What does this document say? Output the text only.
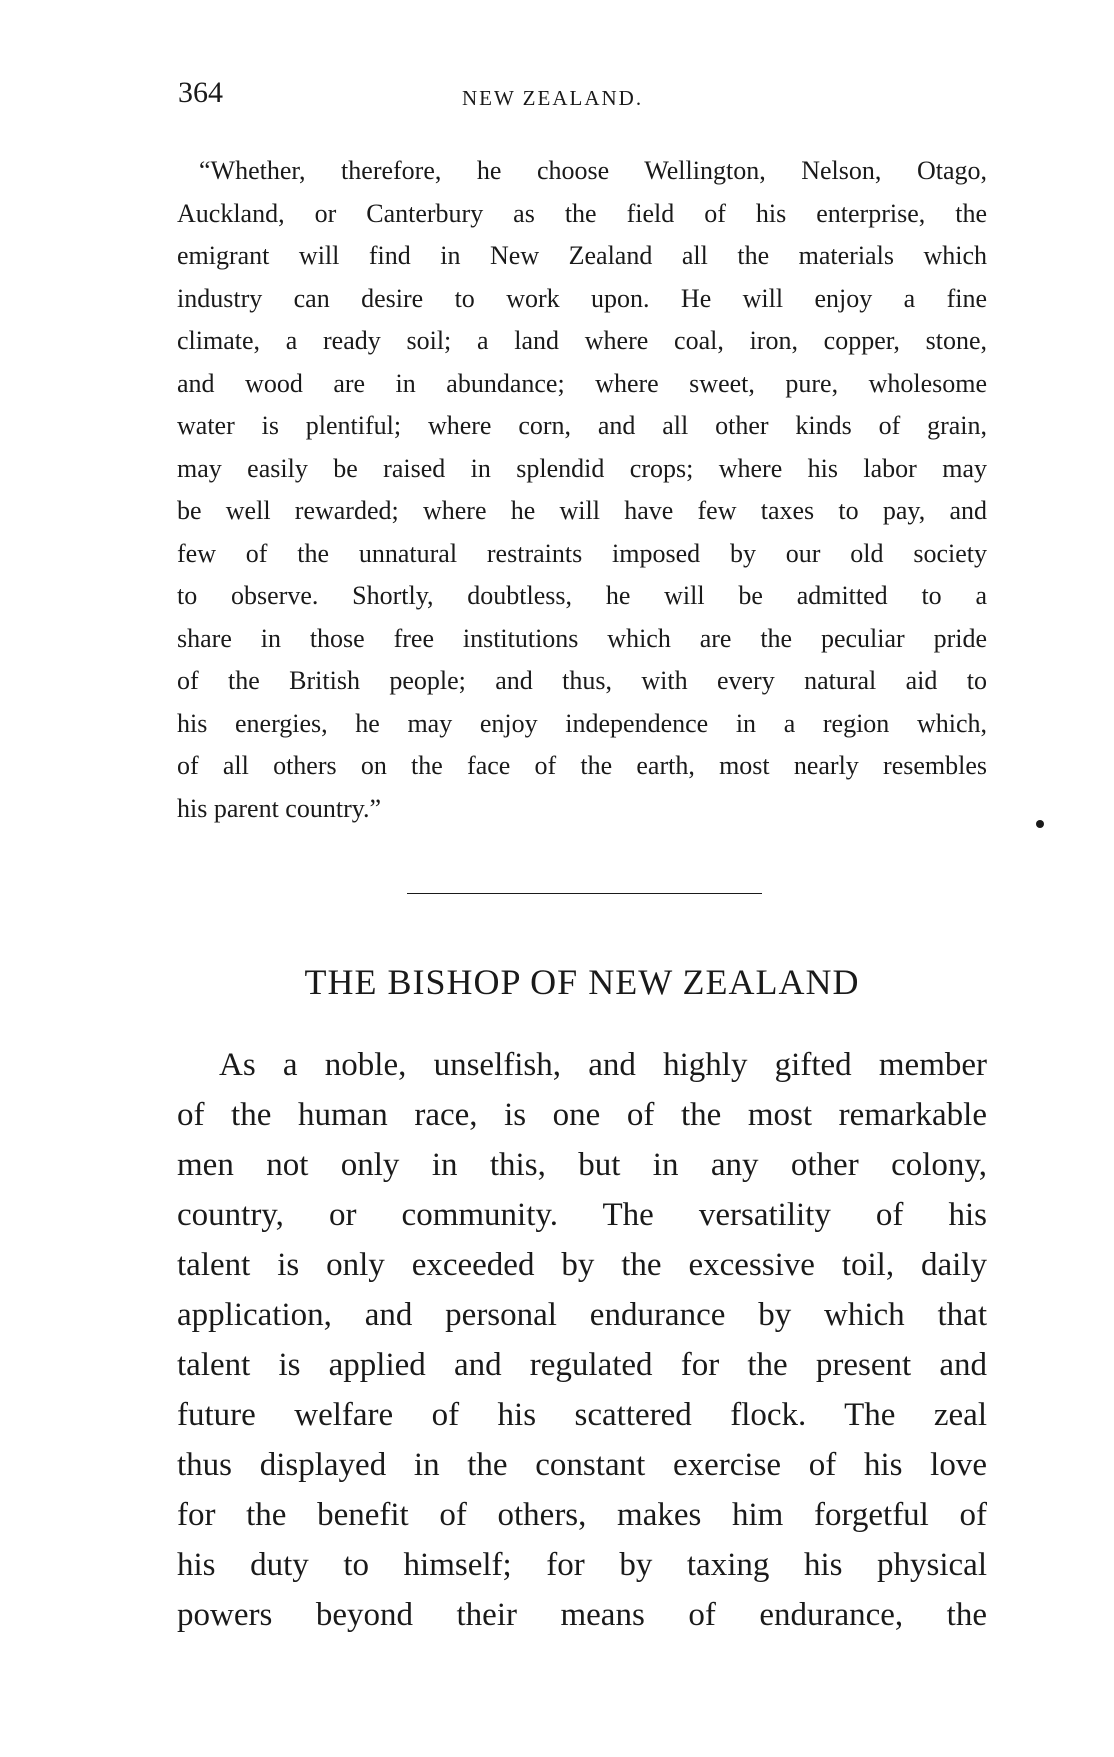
364	NEW ZEALAND.
“Whether, therefore, he choose Wellington, Nelson, Otago,
Auckland, or Canterbury as the field of his enterprise, the
emigrant will find in New Zealand all the materials which
industry can desire to work upon. He will enjoy a fine
climate, a ready soil; a land where coal, iron, copper, stone,
and wood are in abundance; where sweet, pure, wholesome
water is plentiful; where corn, and all other kinds of grain,
may easily be raised in splendid crops; where his labor may
be well rewarded; where he will have few taxes to pay, and
few of the unnatural restraints imposed by our old society
to observe. Shortly, doubtless, he will be admitted to a
share in those free institutions which are the peculiar pride
of the British people; and thus, with every natural aid to
his energies, he may enjoy independence in a region which,
of all others on the face of the earth, most nearly resembles
his parent country.”
THE BISHOP OF NEW ZEALAND
As a noble, unselfish, and highly gifted member
of the human race, is one of the most remarkable
men not only in this, but in any other colony,
country, or community. The versatility of his
talent is only exceeded by the excessive toil, daily
application, and personal endurance by which that
talent is applied and regulated for the present and
future welfare of his scattered flock. The zeal
thus displayed in the constant exercise of his love
for the benefit of others, makes him forgetful of
his duty to himself; for by taxing his physical
powers beyond their means of endurance, the
